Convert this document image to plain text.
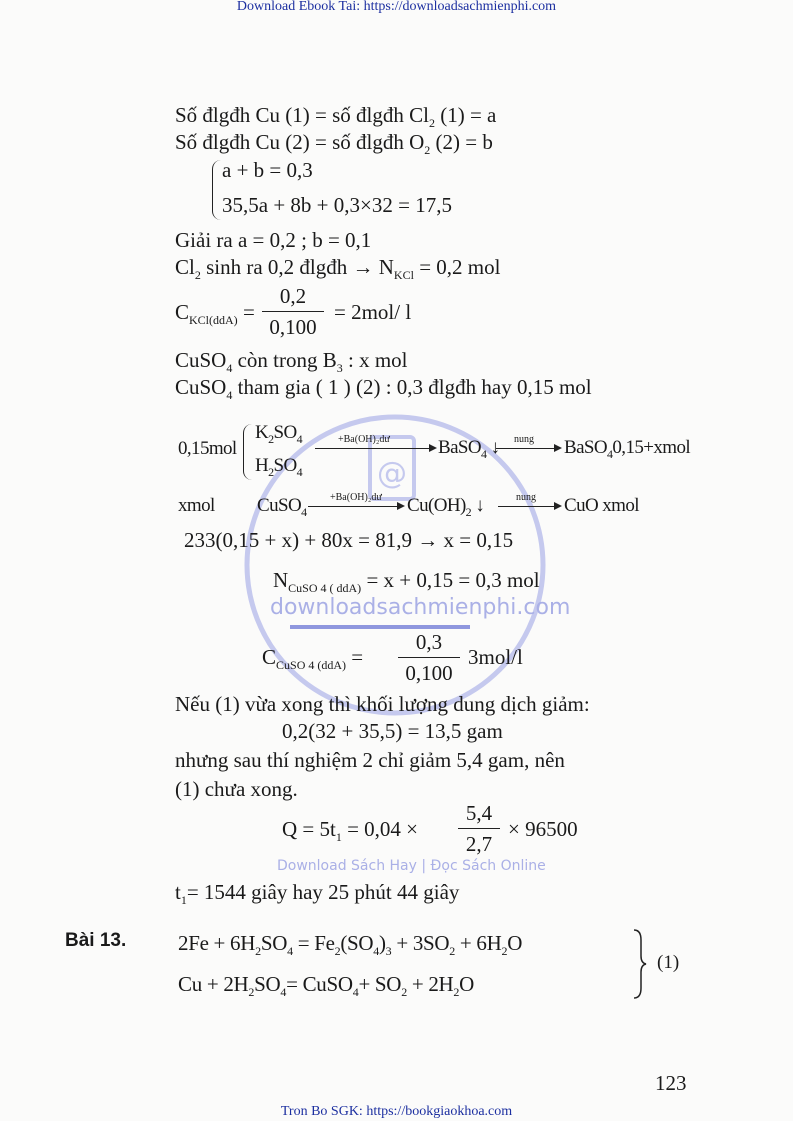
Download Ebook Tai: https://downloadsachmienphi.com
@
downloadsachmienphi.com
Download Sách Hay | Đọc Sách Online
Số đlgđh Cu (1) = số đlgđh $Cl_2$ (1) = a
Số đlgđh Cu (2) = số đlgđh $O_2$ (2) = b
a + b = 0,3
35,5a + 8b + 0,3×32 = 17,5
Giải ra a = 0,2 ; b = 0,1
$Cl_2$ sinh ra 0,2 đlgđh → $N_{KCl} = 0,2$ mol
$C_{KCl(ddA)}$ =
0,2
0,100
= 2mol/ l
CuSO$_4$ còn trong $B_3$ : x mol
CuSO$_4$ tham gia ( 1 ) (2) : 0,3 đlgđh hay 0,15 mol
0,15mol
$K_2SO_4$
$H_2SO_4$
+Ba(OH)₂dư	BaSO$_4$ ↓ nung BaSO$_4$0,15+xmol
xmol CuSO$_4$
+Ba(OH)₂dư $Cu(OH)_2$ ↓	nung CuO xmol
233(0,15 + x) + 80x = 81,9 → x = 0,15
$N_{CuSO 4 ( ddA)} = x + 0,15 = 0,3$ mol
$C_{CuSO 4 (ddA)}$ =
0,3
0,100
3mol/l
Nếu (1) vừa xong thì khối lượng dung dịch giảm:
0,2(32 + 35,5) = 13,5 gam
nhưng sau thí nghiệm 2 chỉ giảm 5,4 gam, nên
(1) chưa xong.
$Q = 5t_1 = 0,04$ ×
5,4
2,7
× 96500
$t_1= 1544$ giây hay 25 phút 44 giây
Bài 13. $2Fe + 6H_2SO_4 = Fe_2(SO_4)_3 + 3SO_2 + 6H_2O$
$Cu + 2H_2SO_4=$ CuSO$_4$+ $SO_2 + 2H_2O$
(1)
123
Tron Bo SGK: https://bookgiaokhoa.com
